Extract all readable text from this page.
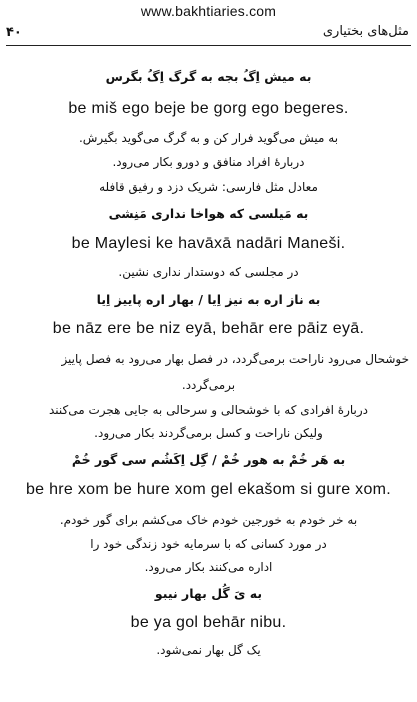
www.bakhtiaries.com
۴۰	مثل‌های بختیاری
به میش اِگُ بجه به گرگ اِگُ بگرس
be miš ego beje be gorg ego begeres.
به میش می‌گوید فرار کن و به گرگ می‌گوید بگیرش.
دربارهٔ افراد منافق و دورو بکار می‌رود.
معادل مثل فارسی: شریک دزد و رفیق قافله
به مَیلسی که هواخا نداری مَنِشی
be Maylesi ke havāxā nadāri Maneši.
در مجلسی که دوستدار نداری نشین.
به ناز اره به نیز اِیا / بهار اره پاییز اِیا
be nāz ere be niz eyā, behār ere pāiz eyā.
خوشحال می‌رود ناراحت برمی‌گردد، در فصل بهار می‌رود به فصل پاییز
برمی‌گردد.
دربارهٔ افرادی که با خوشحالی و سرحالی به جایی هجرت می‌کنند
ولیکن ناراحت و کسل برمی‌گردند بکار می‌رود.
به هَر خُمْ به هور خُمْ / گِل اِکَشُم سی گور خُمْ
be hre xom be hure xom gel ekašom si gure xom.
به خر خودم به خورجین خودم خاک می‌کشم برای گور خودم.
در مورد کسانی که با سرمایه خود زندگی خود را
اداره می‌کنند بکار می‌رود.
به یَ گُل بهار نیبو
be ya gol behār nibu.
یک گل بهار نمی‌شود.
